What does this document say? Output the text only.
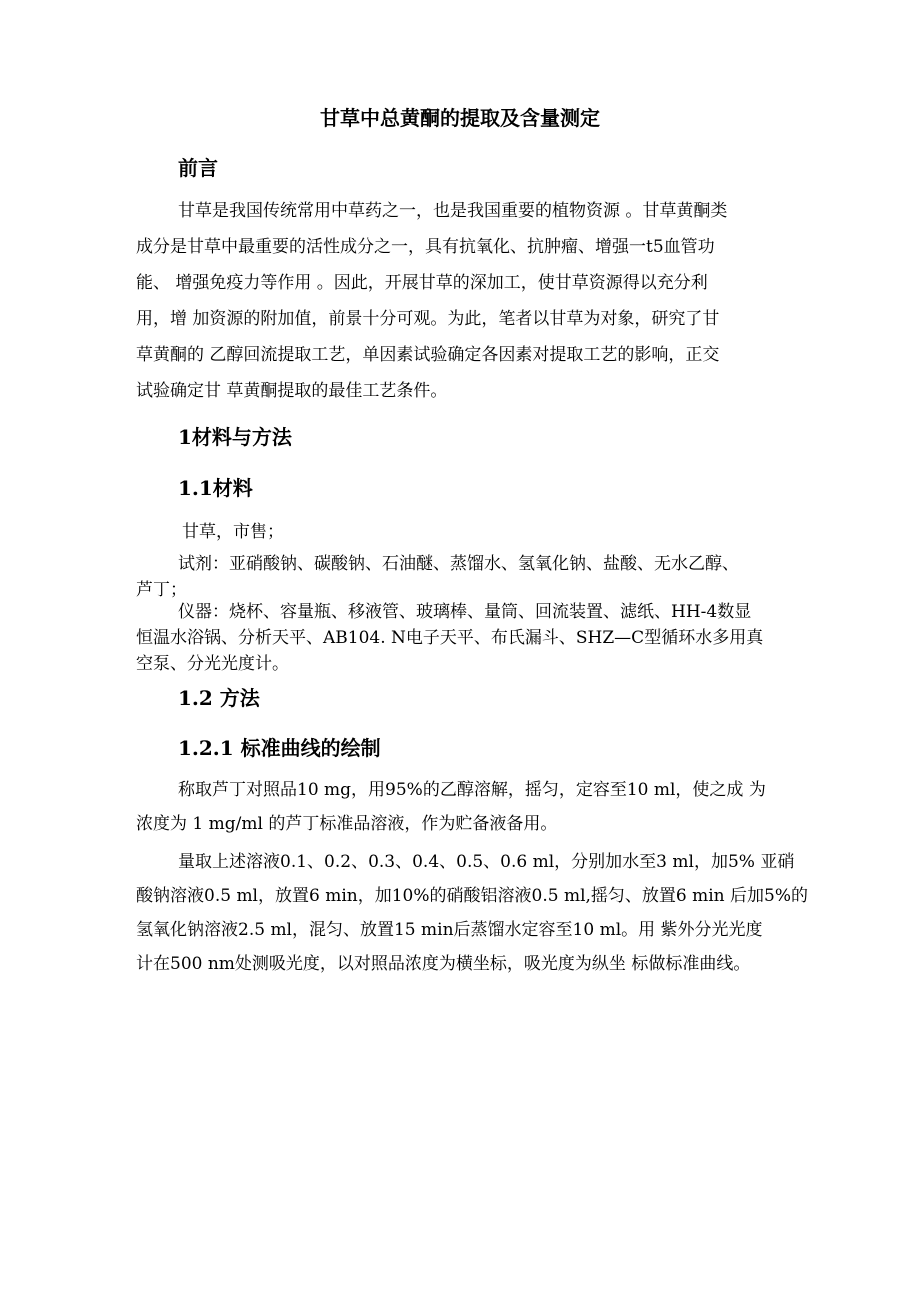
甘草中总黄酮的提取及含量测定
前言
甘草是我国传统常用中草药之一，也是我国重要的植物资源 。甘草黄酮类
成分是甘草中最重要的活性成分之一，具有抗氧化、抗肿瘤、增强一t5血管功
能、 增强免疫力等作用 。因此，开展甘草的深加工，使甘草资源得以充分利
用，增 加资源的附加值，前景十分可观。为此，笔者以甘草为对象，研究了甘
草黄酮的 乙醇回流提取工艺，单因素试验确定各因素对提取工艺的影响，正交
试验确定甘 草黄酮提取的最佳工艺条件。
1材料与方法
1.1材料
甘草，市售；
试剂：亚硝酸钠、碳酸钠、石油醚、蒸馏水、氢氧化钠、盐酸、无水乙醇、
芦丁；
仪器：烧杯、容量瓶、移液管、玻璃棒、量筒、回流装置、滤纸、HH-4数显
恒温水浴锅、分析天平、AB104. N电子天平、布氏漏斗、SHZ—C型循环水多用真
空泵、分光光度计。
1.2 方法
1.2.1 标准曲线的绘制
称取芦丁对照品10 mg，用95%的乙醇溶解，摇匀，定容至10 ml，使之成 为
浓度为 1 mg/ml 的芦丁标准品溶液，作为贮备液备用。
量取上述溶液0.1、0.2、0.3、0.4、0.5、0.6 ml，分别加水至3 ml，加5% 亚硝
酸钠溶液0.5 ml，放置6 min，加10%的硝酸铝溶液0.5 ml,摇匀、放置6 min 后加5%的
氢氧化钠溶液2.5 ml，混匀、放置15 min后蒸馏水定容至10 ml。用 紫外分光光度
计在500 nm处测吸光度，以对照品浓度为横坐标，吸光度为纵坐 标做标准曲线。
